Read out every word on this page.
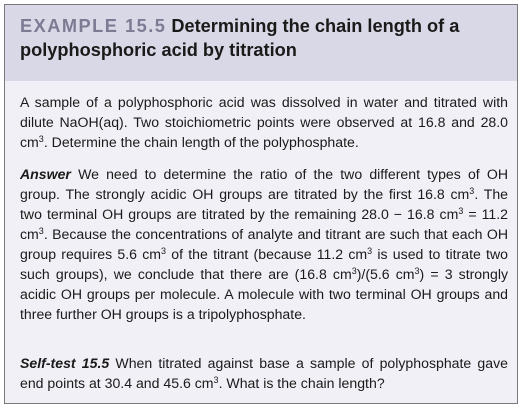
EXAMPLE 15.5 Determining the chain length of a polyphosphoric acid by titration
A sample of a polyphosphoric acid was dissolved in water and titrated with dilute NaOH(aq). Two stoichiometric points were observed at 16.8 and 28.0 $cm^3$. Determine the chain length of the polyphosphate.
Answer We need to determine the ratio of the two different types of OH group. The strongly acidic OH groups are titrated by the first 16.8 $cm^3$. The two terminal OH groups are titrated by the remaining 28.0 − 16.8 $cm^3 = 11.2$ $cm^3$. Because the concentrations of analyte and titrant are such that each OH group requires 5.6 $cm^3$ of the titrant (because 11.2 $cm^3$ is used to titrate two such groups), we conclude that there are (16.8 $cm^3)/(5.6$ $cm^3) = 3$ strongly acidic OH groups per molecule. A molecule with two terminal OH groups and three further OH groups is a tripolyphosphate.
Self-test 15.5 When titrated against base a sample of polyphosphate gave end points at 30.4 and 45.6 $cm^3$. What is the chain length?
